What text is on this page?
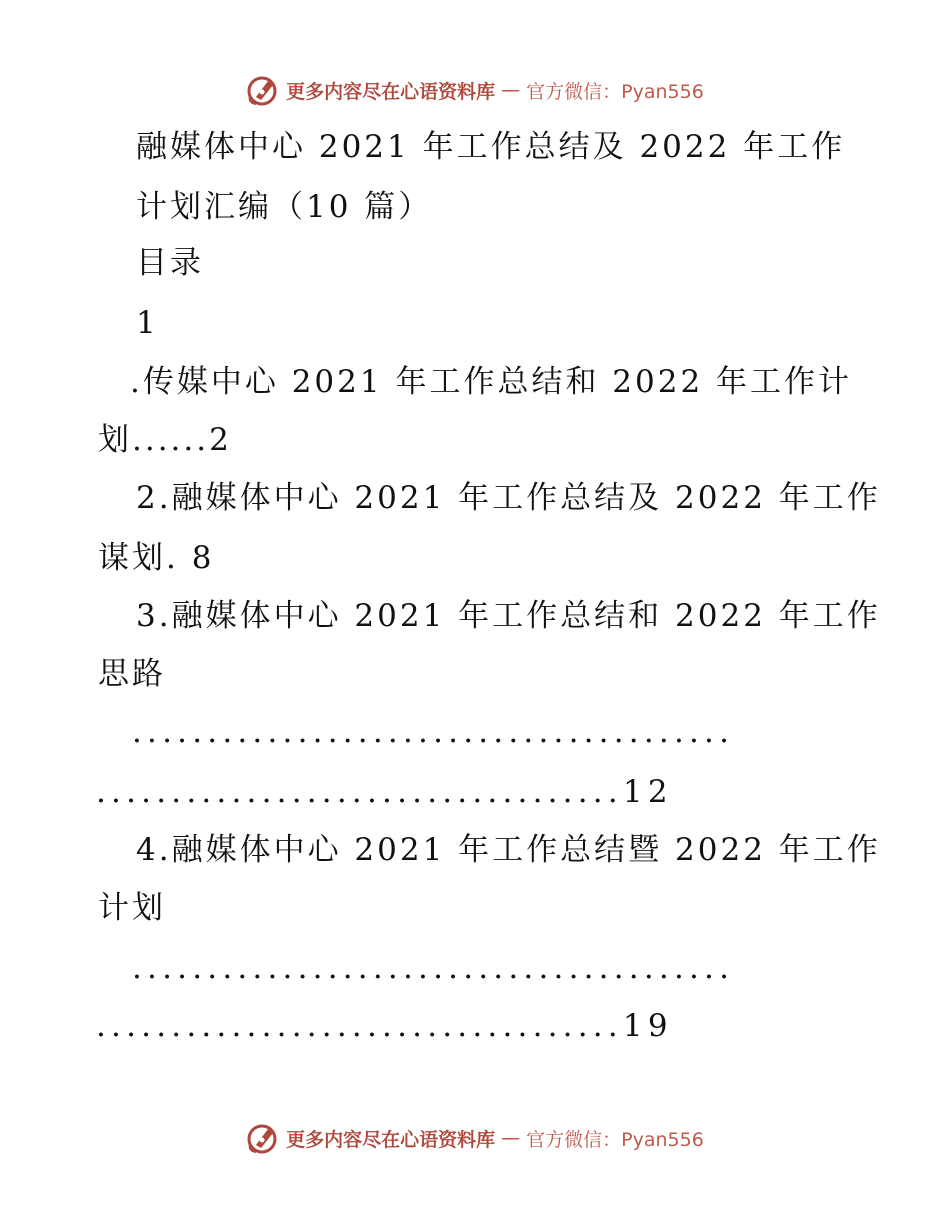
更多内容尽在心语资料库 — 官方微信：Pyan556
融媒体中心 2021 年工作总结及 2022 年工作
计划汇编（10 篇）
目录
1
.传媒中心 2021 年工作总结和 2022 年工作计
划......2
2.融媒体中心 2021 年工作总结及 2022 年工作
谋划. 8
3.融媒体中心 2021 年工作总结和 2022 年工作
思路
........................................
...................................12
4.融媒体中心 2021 年工作总结暨 2022 年工作
计划
........................................
...................................19
更多内容尽在心语资料库 — 官方微信：Pyan556
